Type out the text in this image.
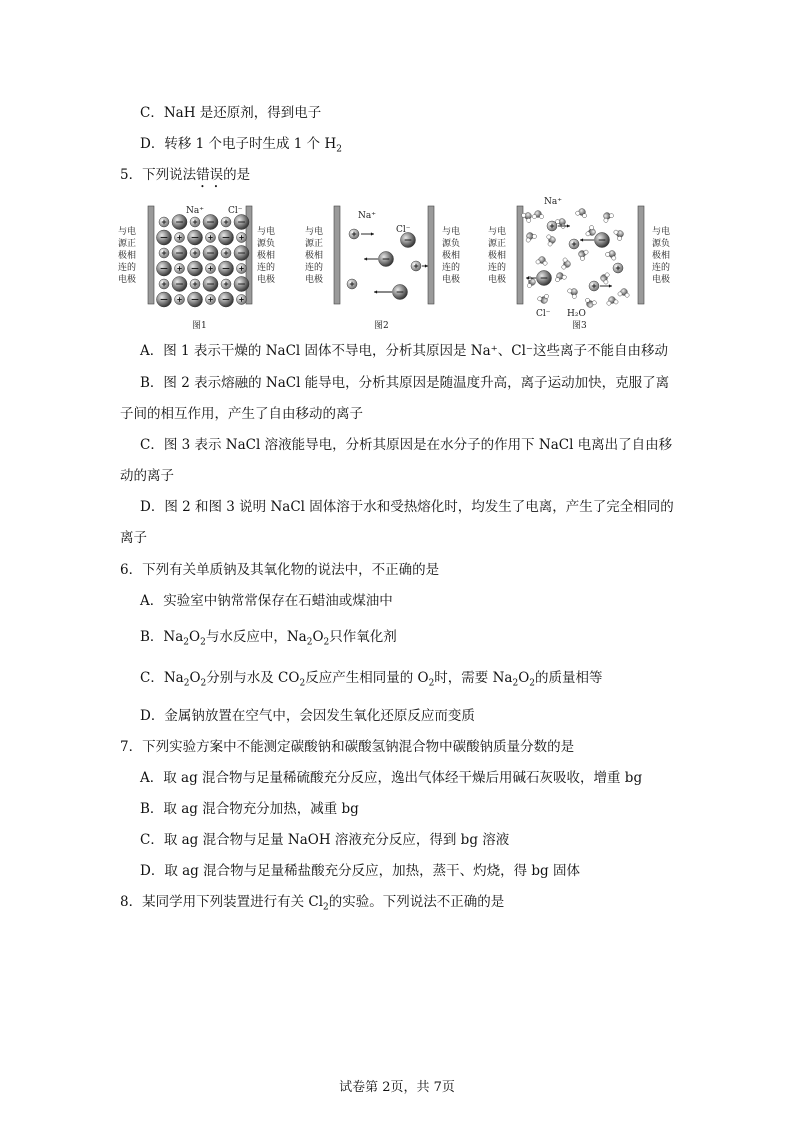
C．NaH 是还原剂，得到电子
D．转移 1 个电子时生成 1 个 $H_2$
5．下列说法错误的是
与电
源正
极相
连的
电极
Na⁺	Cl⁻
与电
源负
极相
连的
电极
图1
与电
源正
极相
连的
电极
Na⁺
Cl⁻	与电
源负
极相
连的
电极
图2
与电
源正
极相
连的
电极
Na⁺
Cl⁻ H₂O
与电
源负
极相
连的
电极
图3
A．图 1 表示干燥的 NaCl 固体不导电，分析其原因是 Na⁺、Cl⁻这些离子不能自由移动
B．图 2 表示熔融的 NaCl 能导电，分析其原因是随温度升高，离子运动加快，克服了离
子间的相互作用，产生了自由移动的离子
C．图 3 表示 NaCl 溶液能导电，分析其原因是在水分子的作用下 NaCl 电离出了自由移
动的离子
D．图 2 和图 3 说明 NaCl 固体溶于水和受热熔化时，均发生了电离，产生了完全相同的
离子
6．下列有关单质钠及其氧化物的说法中，不正确的是
A．实验室中钠常常保存在石蜡油或煤油中
B．$Na_2O_2$与水反应中，$Na_2O_2$只作氧化剂
C．$Na_2O_2$分别与水及 $CO_2$反应产生相同量的 $O_2$时，需要 $Na_2O_2$的质量相等
D．金属钠放置在空气中，会因发生氧化还原反应而变质
7．下列实验方案中不能测定碳酸钠和碳酸氢钠混合物中碳酸钠质量分数的是
A．取 ag 混合物与足量稀硫酸充分反应，逸出气体经干燥后用碱石灰吸收，增重 bg
B．取 ag 混合物充分加热，减重 bg
C．取 ag 混合物与足量 NaOH 溶液充分反应，得到 bg 溶液
D．取 ag 混合物与足量稀盐酸充分反应，加热，蒸干、灼烧，得 bg 固体
8．某同学用下列装置进行有关 $Cl_2$的实验。下列说法不正确的是
试卷第 2页，共 7页
